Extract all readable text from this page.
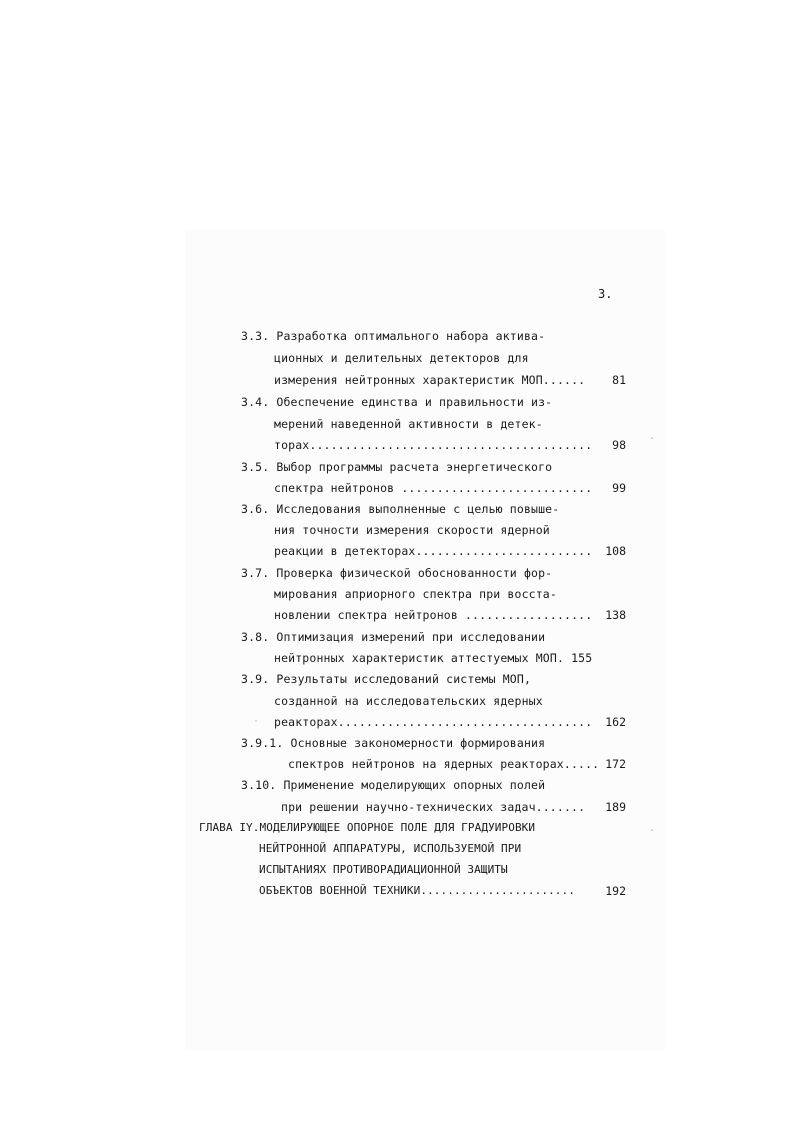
3.
3.3. Разработка оптимального набора актива-
ционных и делительных детекторов для
измерения нейтронных характеристик МОП......	81
3.4. Обеспечение единства и правильности из-
мерений наведенной активности в детек-
торах........................................	98
3.5. Выбор программы расчета энергетического
спектра нейтронов ...........................	99
3.6. Исследования выполненные с целью повыше-
ния точности измерения скорости ядерной
реакции в детекторах.........................	108
3.7. Проверка физической обоснованности фор-
мирования априорного спектра при восста-
новлении спектра нейтронов ..................	138
3.8. Оптимизация измерений при исследовании
нейтронных характеристик аттестуемых МОП. 155
3.9. Результаты исследований системы МОП,
созданной на исследовательских ядерных
реакторах....................................	162
3.9.1. Основные закономерности формирования
спектров нейтронов на ядерных реакторах..... 172
3.10. Применение моделирующих опорных полей
при решении научно-технических задач.......	189
ГЛАВА IY.МОДЕЛИРУЮЩЕЕ ОПОРНОЕ ПОЛЕ ДЛЯ ГРАДУИРОВКИ
НЕЙТРОННОЙ АППАРАТУРЫ, ИСПОЛЬЗУЕМОЙ ПРИ
ИСПЫТАНИЯХ ПРОТИВОРАДИАЦИОННОЙ ЗАЩИТЫ
ОБЪЕКТОВ ВОЕННОЙ ТЕХНИКИ.......................	192
